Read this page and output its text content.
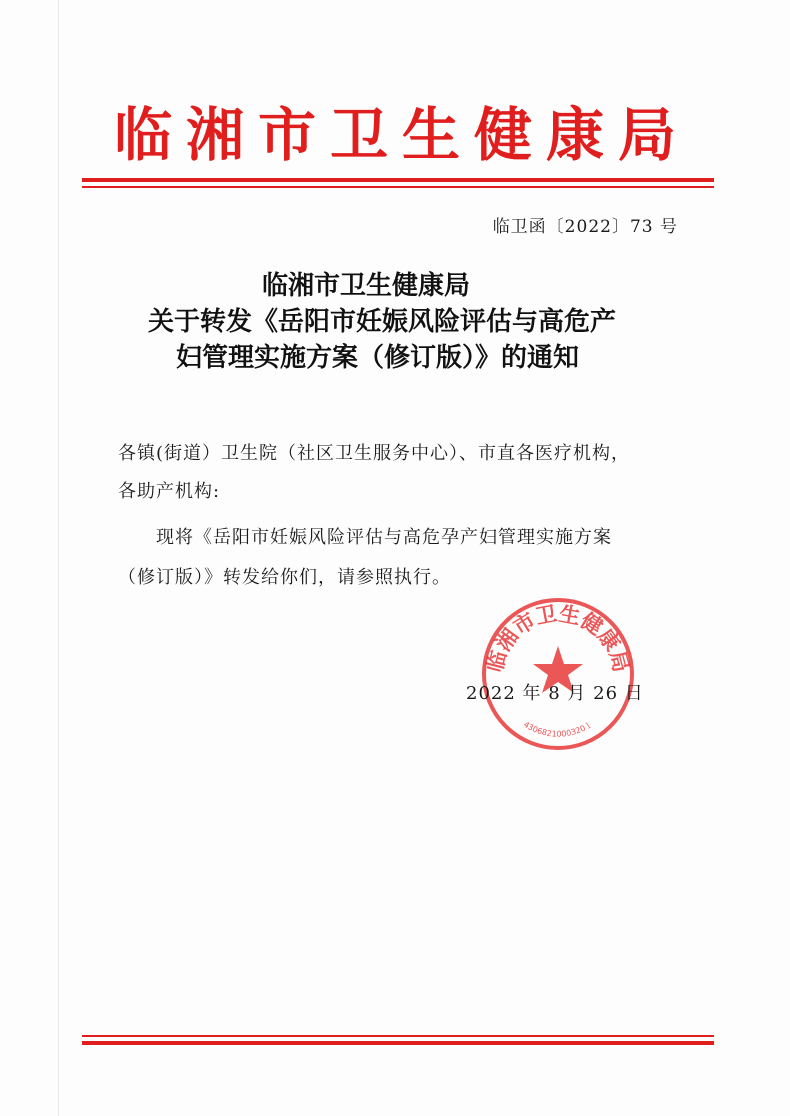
临湘市卫生健康局
临卫函〔2022〕73 号
临湘市卫生健康局
关于转发《岳阳市妊娠风险评估与高危产
妇管理实施方案（修订版）》的通知
各镇(街道）卫生院（社区卫生服务中心）、市直各医疗机构，
各助产机构:
现将《岳阳市妊娠风险评估与高危孕产妇管理实施方案
（修订版）》转发给你们，请参照执行。
临湘市卫生健康局
4306821000320１
2022 年 8 月 26 日
